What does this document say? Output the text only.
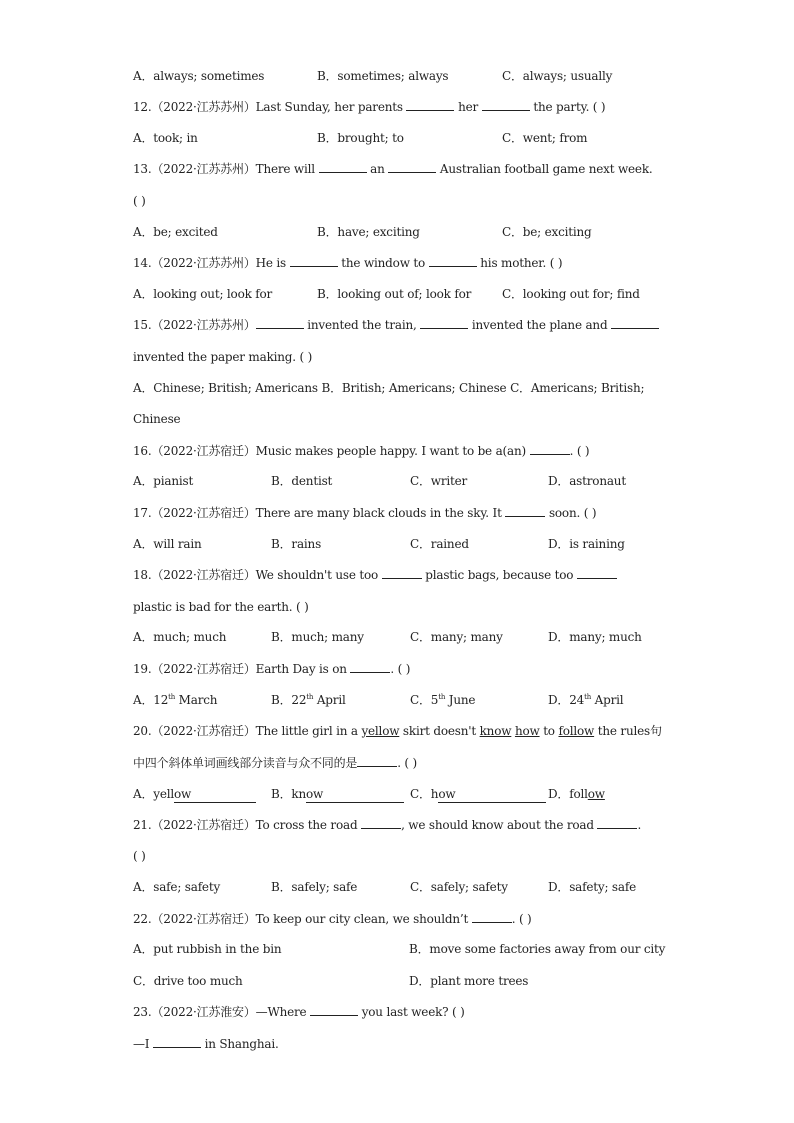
A．always; sometimes	B．sometimes; always	C．always; usually
12.（2022·江苏苏州）Last Sunday, her parents	her	the party. ( )
A．took; in	B．brought; to	C．went; from
13.（2022·江苏苏州）There will	an	Australian football game next week.
( )
A．be; excited	B．have; exciting	C．be; exciting
14.（2022·江苏苏州）He is	the window to	his mother. ( )
A．looking out; look for	B．looking out of; look for	C．looking out for; find
15.（2022·江苏苏州）	invented the train,	invented the plane and
invented the paper making. ( )
A．Chinese; British; Americans B．British; Americans; Chinese C．Americans; British;
Chinese
16.（2022·江苏宿迁）Music makes people happy. I want to be a(an)	. ( )
A．pianist	B．dentist	C．writer	D．astronaut
17.（2022·江苏宿迁）There are many black clouds in the sky. It	soon. ( )
A．will rain	B．rains	C．rained	D．is raining
18.（2022·江苏宿迁）We shouldn't use too	plastic bags, because too
plastic is bad for the earth. ( )
A．much; much	B．much; many	C．many; many	D．many; much
19.（2022·江苏宿迁）Earth Day is on	. ( )
A．12th March	B．22th April	C．5th June	D．24th April
20.（2022·江苏宿迁）The little girl in a yellow skirt doesn't know how to follow the rules句
中四个斜体单词画线部分读音与众不同的是	. ( )
A．yellow	B．know	C．how	D．follow
21.（2022·江苏宿迁）To cross the road	, we should know about the road	.
( )
A．safe; safety	B．safely; safe	C．safely; safety	D．safety; safe
22.（2022·江苏宿迁）To keep our city clean, we shouldn’t	. ( )
A．put rubbish in the bin	B．move some factories away from our city
C．drive too much	D．plant more trees
23.（2022·江苏淮安）—Where	you last week? ( )
—I	in Shanghai.
